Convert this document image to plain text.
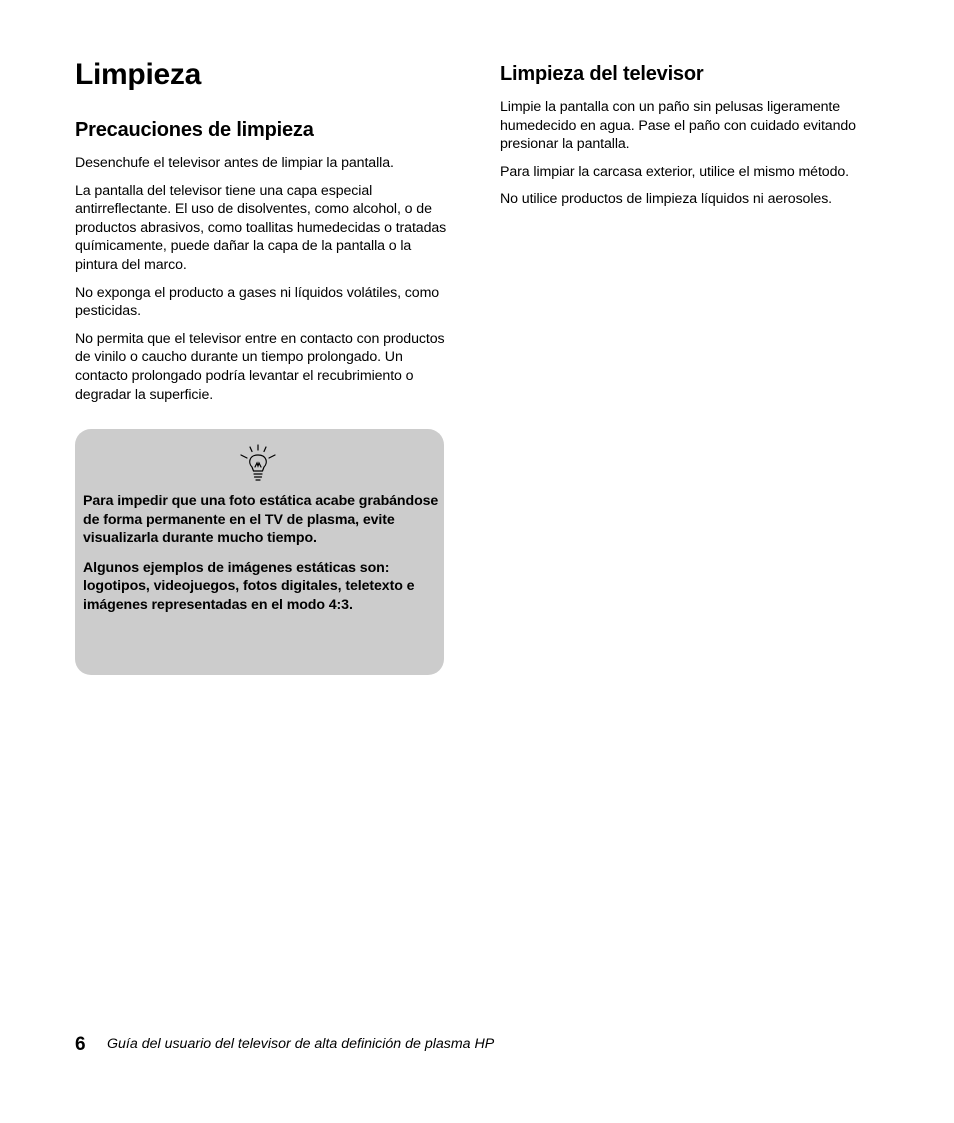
Limpieza
Precauciones de limpieza

Desenchufe el televisor antes de limpiar la pantalla.

La pantalla del televisor tiene una capa especial antirreflectante. El uso de disolventes, como alcohol, o de productos abrasivos, como toallitas humedecidas o tratadas químicamente, puede dañar la capa de la pantalla o la pintura del marco.

No exponga el producto a gases ni líquidos volátiles, como pesticidas.

No permita que el televisor entre en contacto con productos de vinilo o caucho durante un tiempo prolongado. Un contacto prolongado podría levantar el recubrimiento o degradar la superficie.

Para impedir que una foto estática acabe grabándose de forma permanente en el TV de plasma, evite visualizarla durante mucho tiempo.

Algunos ejemplos de imágenes estáticas son: logotipos, videojuegos, fotos digitales, teletexto e imágenes representadas en el modo 4:3.

Limpieza del televisor

Limpie la pantalla con un paño sin pelusas ligeramente humedecido en agua. Pase el paño con cuidado evitando presionar la pantalla.

Para limpiar la carcasa exterior, utilice el mismo método.

No utilice productos de limpieza líquidos ni aerosoles.

6 Guía del usuario del televisor de alta definición de plasma HP
